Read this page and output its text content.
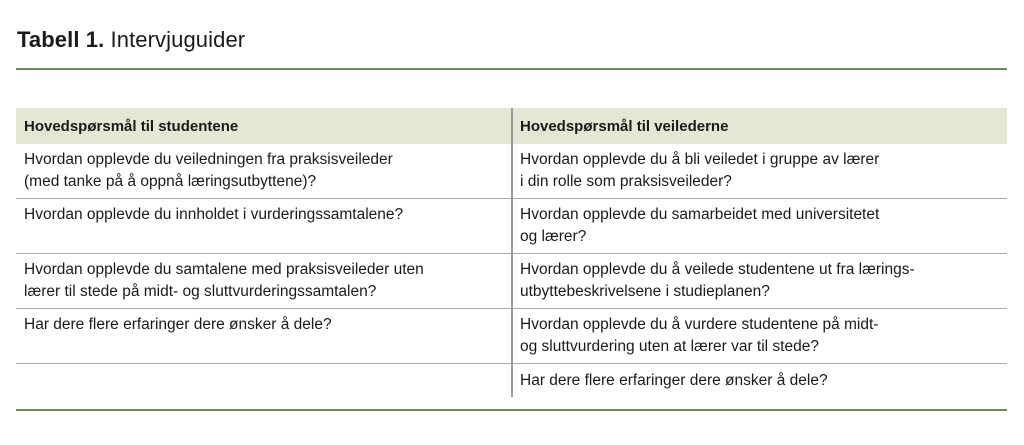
Tabell 1. Intervjuguider
Hovedspørsmål til studentene	Hovedspørsmål til veilederne

Hvordan opplevde du veiledningen fra praksisveileder
(med tanke på å oppnå læringsutbyttene)?	Hvordan opplevde du å bli veiledet i gruppe av lærer
i din rolle som praksisveileder?

Hvordan opplevde du innholdet i vurderingssamtalene?	Hvordan opplevde du samarbeidet med universitetet
og lærer?

Hvordan opplevde du samtalene med praksisveileder uten
lærer til stede på midt- og sluttvurderingssamtalen?	Hvordan opplevde du å veilede studentene ut fra lærings-
utbyttebeskrivelsene i studieplanen?

Har dere flere erfaringer dere ønsker å dele?	Hvordan opplevde du å vurdere studentene på midt-
og sluttvurdering uten at lærer var til stede?

	Har dere flere erfaringer dere ønsker å dele?
